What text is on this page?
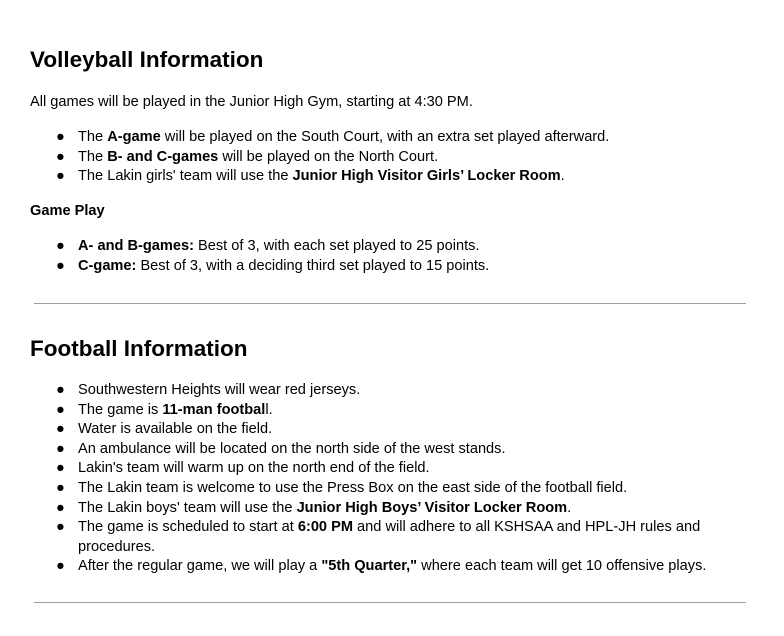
Volleyball Information

All games will be played in the Junior High Gym, starting at 4:30 PM.

● The A-game will be played on the South Court, with an extra set played afterward.
● The B- and C-games will be played on the North Court.
● The Lakin girls' team will use the Junior High Visitor Girls’ Locker Room.

Game Play

● A- and B-games: Best of 3, with each set played to 25 points.
● C-game: Best of 3, with a deciding third set played to 15 points.
Football Information
● Southwestern Heights will wear red jerseys.
● The game is 11-man football.
● Water is available on the field.
● An ambulance will be located on the north side of the west stands.
● Lakin's team will warm up on the north end of the field.
● The Lakin team is welcome to use the Press Box on the east side of the football field.
● The Lakin boys' team will use the Junior High Boys’ Visitor Locker Room.
● The game is scheduled to start at 6:00 PM and will adhere to all KSHSAA and HPL-JH rules and procedures.
● After the regular game, we will play a "5th Quarter," where each team will get 10 offensive plays.
